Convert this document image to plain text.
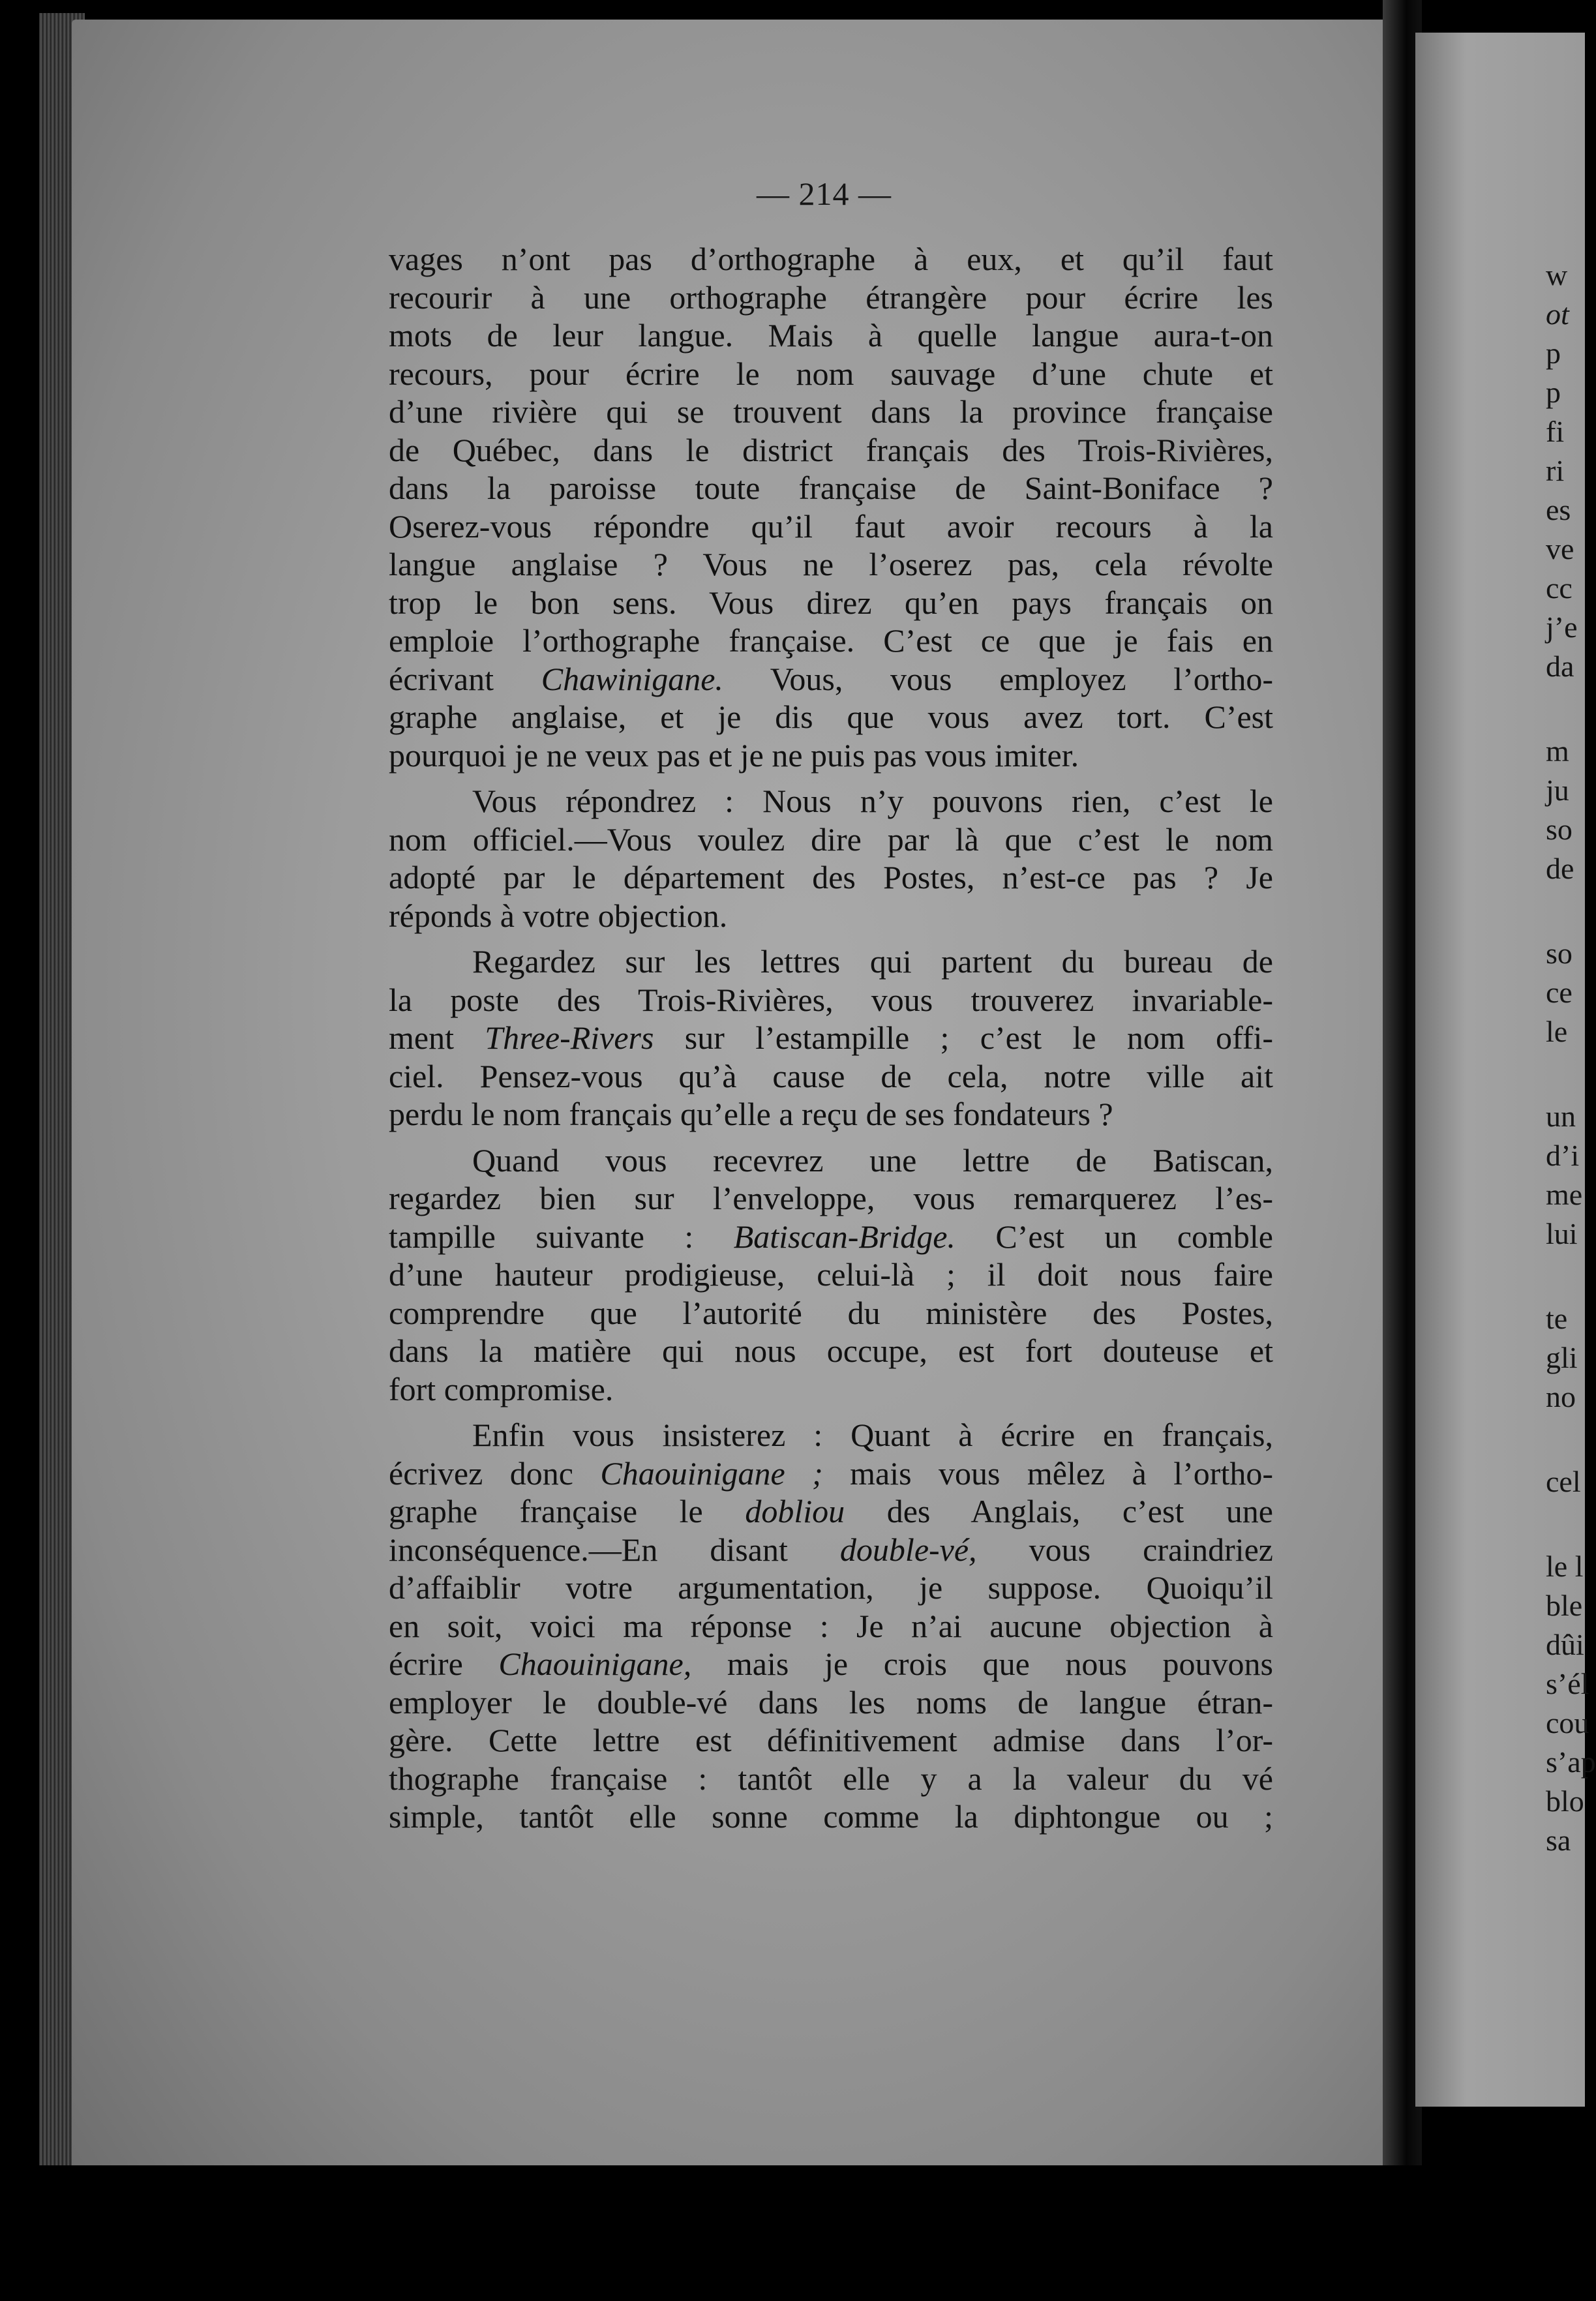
— 214 —
vages n’ont pas d’orthographe à eux, et qu’il faut
recourir à une orthographe étrangère pour écrire les
mots de leur langue. Mais à quelle langue aura-t-on
recours, pour écrire le nom sauvage d’une chute et
d’une rivière qui se trouvent dans la province française
de Québec, dans le district français des Trois-Rivières,
dans la paroisse toute française de Saint-Boniface ?
Oserez-vous répondre qu’il faut avoir recours à la
langue anglaise ? Vous ne l’oserez pas, cela révolte
trop le bon sens. Vous direz qu’en pays français on
emploie l’orthographe française. C’est ce que je fais en
écrivant Chawinigane. Vous, vous employez l’ortho-
graphe anglaise, et je dis que vous avez tort. C’est
pourquoi je ne veux pas et je ne puis pas vous imiter.
Vous répondrez : Nous n’y pouvons rien, c’est le
nom officiel.—Vous voulez dire par là que c’est le nom
adopté par le département des Postes, n’est-ce pas ? Je
réponds à votre objection.
Regardez sur les lettres qui partent du bureau de
la poste des Trois-Rivières, vous trouverez invariable-
ment Three-Rivers sur l’estampille ; c’est le nom offi-
ciel. Pensez-vous qu’à cause de cela, notre ville ait
perdu le nom français qu’elle a reçu de ses fondateurs ?
Quand vous recevrez une lettre de Batiscan,
regardez bien sur l’enveloppe, vous remarquerez l’es-
tampille suivante : Batiscan-Bridge. C’est un comble
d’une hauteur prodigieuse, celui-là ; il doit nous faire
comprendre que l’autorité du ministère des Postes,
dans la matière qui nous occupe, est fort douteuse et
fort compromise.
Enfin vous insisterez : Quant à écrire en français,
écrivez donc Chaouinigane ; mais vous mêlez à l’ortho-
graphe française le dobliou des Anglais, c’est une
inconséquence.—En disant double-vé, vous craindriez
d’affaiblir votre argumentation, je suppose. Quoiqu’il
en soit, voici ma réponse : Je n’ai aucune objection à
écrire Chaouinigane, mais je crois que nous pouvons
employer le double-vé dans les noms de langue étran-
gère. Cette lettre est définitivement admise dans l’or-
thographe française : tantôt elle y a la valeur du vé
simple, tantôt elle sonne comme la diphtongue ou ;
w
ot
p
p
fi
ri
es
ve
cc
j’e
da
m
ju
so
de
so
ce
le
un
d’i
me
lui
te
gli
no
cel
le l
ble
dûi
s’él
cou
s’ap
blo
sa
